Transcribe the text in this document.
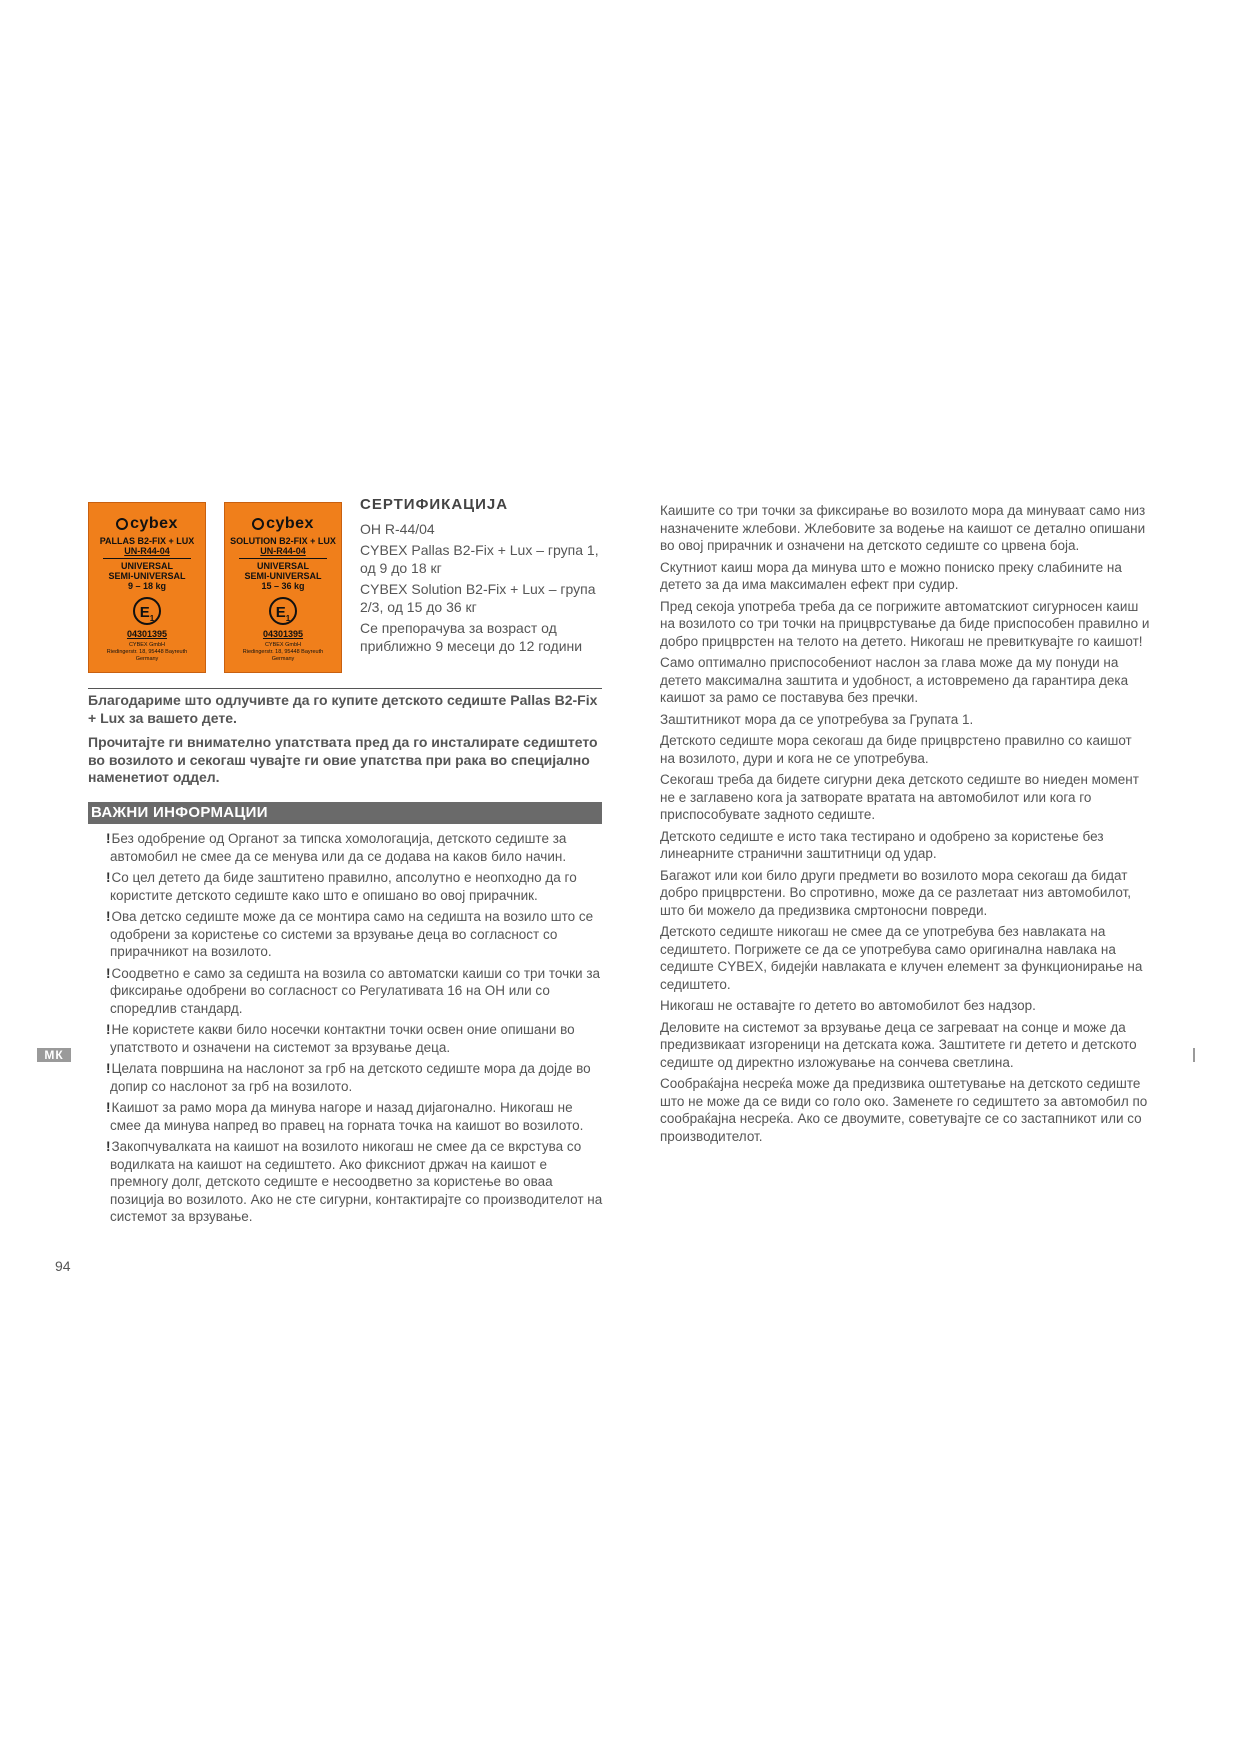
cybex
PALLAS B2-FIX + LUX
UN-R44-04
UNIVERSAL
SEMI-UNIVERSAL
9 – 18 kg
$E_1$
04301395
CYBEX GmbH
Riedingerstr. 18, 95448 Bayreuth
Germany
cybex
SOLUTION B2-FIX + LUX
UN-R44-04
UNIVERSAL
SEMI-UNIVERSAL
15 – 36 kg
$E_1$
04301395
CYBEX GmbH
Riedingerstr. 18, 95448 Bayreuth
Germany
СЕРТИФИКАЦИЈА

ОН R-44/04

CYBEX Pallas B2-Fix + Lux – група 1, од 9 до 18 кг

CYBEX Solution B2-Fix + Lux – група 2/3, од 15 до 36 кг

Се препорачува за возраст од приближно 9 месеци до 12 години

Благодариме што одлучивте да го купите детското седиште Pallas B2-Fix + Lux за вашето дете.
Прочитајте ги внимателно упатствата пред да го инсталирате седиштето во возилото и секогаш чувајте ги овие упатства при рака во специјално наменетиот оддел.
ВАЖНИ ИНФОРМАЦИИ
!Без одобрение од Органот за типска хомологација, детското седиште за автомобил не смее да се менува или да се додава на каков било начин.
!Со цел детето да биде заштитено правилно, апсолутно е неопходно да го користите детското седиште како што е опишано во овој прирачник.
!Ова детско седиште може да се монтира само на седишта на возило што се одобрени за користење со системи за врзување деца во согласност со прирачникот на возилото.
!Соодветно е само за седишта на возила со автоматски каиши со три точки за фиксирање одобрени во согласност со Регулативата 16 на ОН или со споредлив стандард.
!Не користете какви било носечки контактни точки освен оние опишани во упатството и означени на системот за врзување деца.
!Целата површина на наслонот за грб на детското седиште мора да дојде во допир со наслонот за грб на возилото.
!Каишот за рамо мора да минува нагоре и назад дијагонално. Никогаш не смее да минува напред во правец на горната точка на каишот во возилото.
!Закопчувалката на каишот на возилото никогаш не смее да се вкрстува со водилката на каишот на седиштето. Ако фиксниот држач на каишот е премногу долг, детското седиште е несоодветно за користење во оваа позиција во возилото. Ако не сте сигурни, контактирајте со производителот на системот за врзување.
Каишите со три точки за фиксирање во возилото мора да минуваат само низ назначените жлебови. Жлебовите за водење на каишот се детално опишани во овој прирачник и означени на детското седиште со црвена боја.
Скутниот каиш мора да минува што е можно пониско преку слабините на детето за да има максимален ефект при судир.
Пред секоја употреба треба да се погрижите автоматскиот сигурносен каиш на возилото со три точки на прицврстување да биде приспособен правилно и добро прицврстен на телото на детето. Никогаш не превиткувајте го каишот!
Само оптимално приспособениот наслон за глава може да му понуди на детето максимална заштита и удобност, а истовремено да гарантира дека каишот за рамо се поставува без пречки.
Заштитникот мора да се употребува за Групата 1.
Детското седиште мора секогаш да биде прицврстено правилно со каишот на возилото, дури и кога не се употребува.
Секогаш треба да бидете сигурни дека детското седиште во ниеден момент не е заглавено кога ја затворате вратата на автомобилот или кога го приспособувате задното седиште.
Детското седиште е исто така тестирано и одобрено за користење без линеарните странични заштитници од удар.
Багажот или кои било други предмети во возилото мора секогаш да бидат добро прицврстени. Во спротивно, може да се разлетаат низ автомобилот, што би можело да предизвика смртоносни повреди.
Детското седиште никогаш не смее да се употребува без навлаката на седиштето. Погрижете се да се употребува само оригинална навлака на седиште CYBEX, бидејќи навлаката е клучен елемент за функционирање на седиштето.
Никогаш не оставајте го детето во автомобилот без надзор.
Деловите на системот за врзување деца се загреваат на сонце и може да предизвикаат изгореници на детската кожа. Заштитете ги детето и детското седиште од директно изложување на сончева светлина.
Сообраќајна несреќа може да предизвика оштетување на детското седиште што не може да се види со голо око. Заменете го седиштето за автомобил по сообраќајна несреќа. Ако се двоумите, советувајте се со застапникот или со производителот.
МК
94
